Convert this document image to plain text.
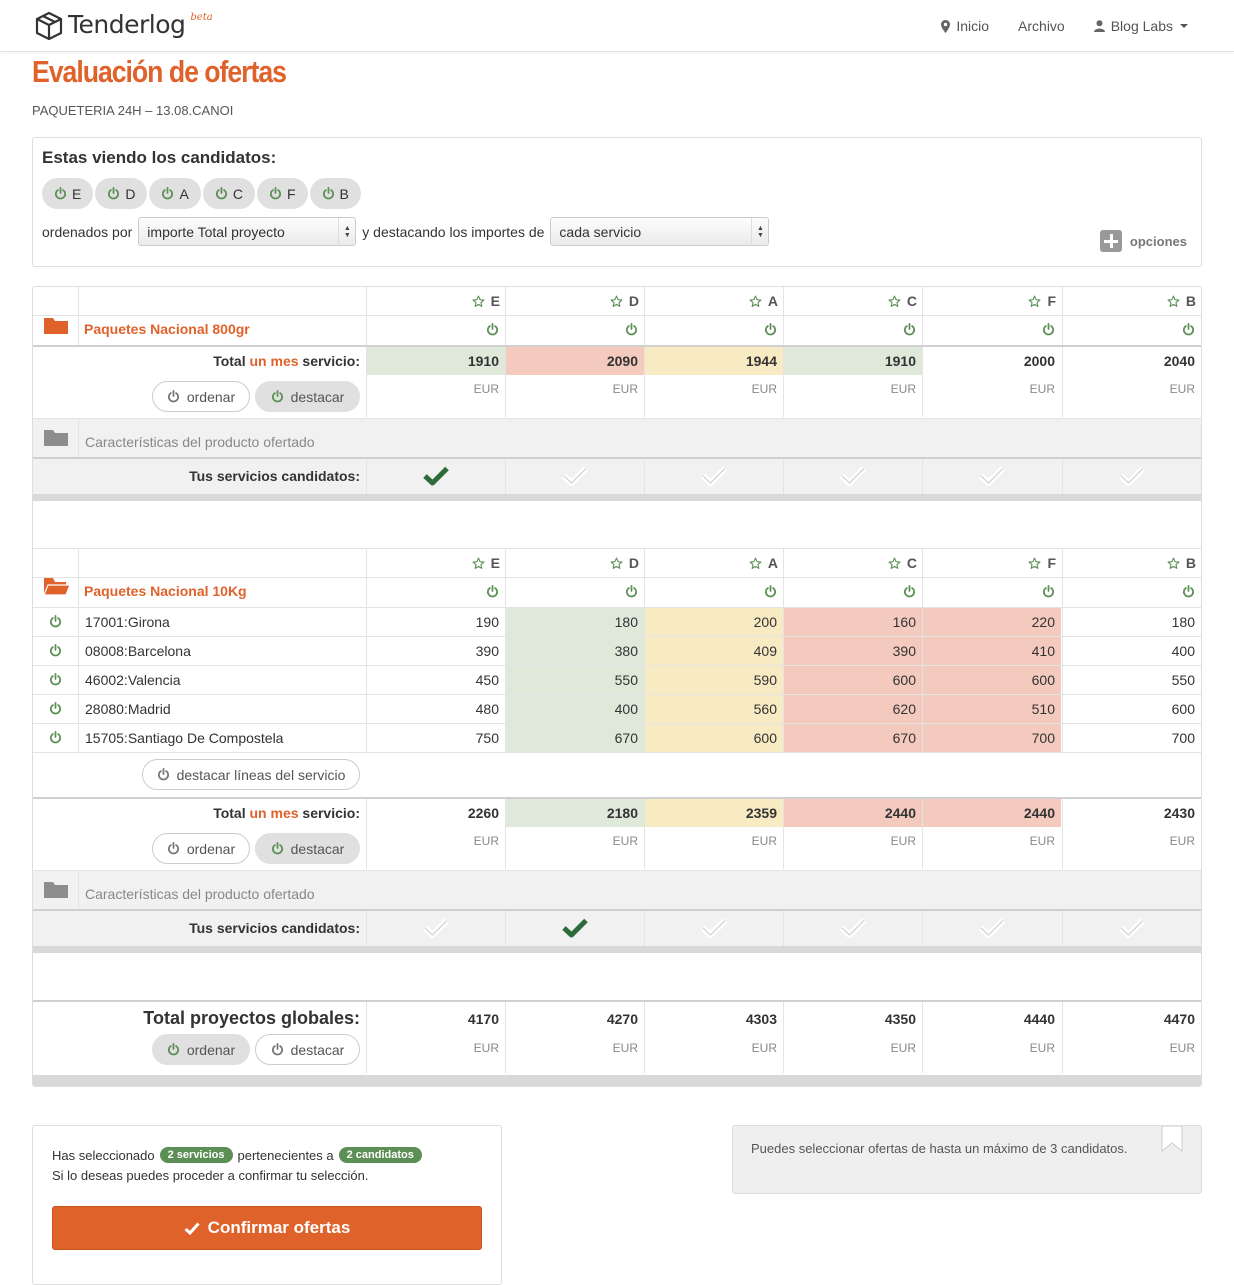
Tenderlog beta
Inicio Archivo	Blog Labs
Evaluación de ofertas
PAQUETERIA 24H – 13.08.CANOI
Estas viendo los candidatos:
E	D	A	C	F	B
ordenados por importe Total proyecto	▲
▼ y destacando los importes de cada servicio	▲
▼	opciones
E	D	A	C	F	B
Paquetes Nacional 800gr
Total un mes servicio:	1910	2090	1944	1910	2000	2040
ordenar	destacar	EUR	EUR	EUR	EUR	EUR	EUR
Características del producto ofertado
Tus servicios candidatos:
E	D	A	C	F	B
Paquetes Nacional 10Kg
17001:Girona	190	180	200	160	220	180
08008:Barcelona	390	380	409	390	410	400
46002:Valencia	450	550	590	600	600	550
28080:Madrid	480	400	560	620	510	600
15705:Santiago De Compostela	750	670	600	670	700	700
destacar líneas del servicio
Total un mes servicio:	2260	2180	2359	2440	2440	2430
ordenar	destacar	EUR	EUR	EUR	EUR	EUR	EUR
Características del producto ofertado
Tus servicios candidatos:
Total proyectos globales:	4170	4270	4303	4350	4440	4470
ordenar	destacar	EUR	EUR	EUR	EUR	EUR	EUR
Has seleccionado	2 servicios	pertenecientes a	2 candidatos
Si lo deseas puedes proceder a confirmar tu selección.
Confirmar ofertas
Puedes seleccionar ofertas de hasta un máximo de 3 candidatos.
